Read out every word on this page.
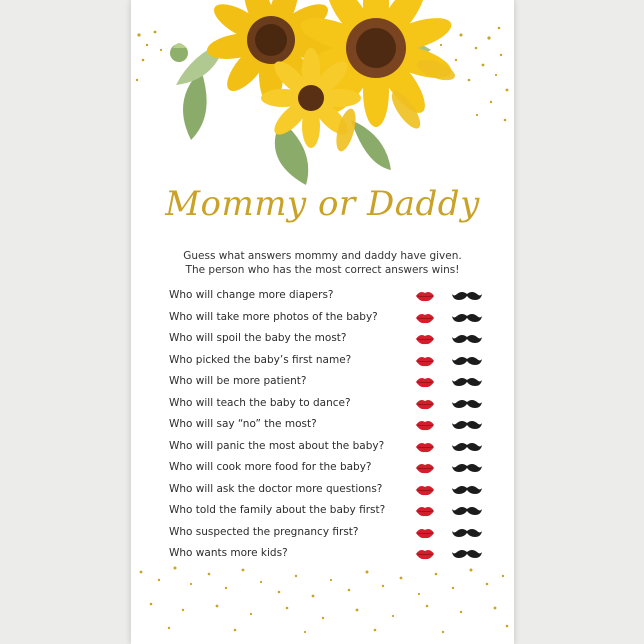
Mommy or Daddy
Guess what answers mommy and daddy have given.
The person who has the most correct answers wins!
Who will change more diapers?
Who will take more photos of the baby?
Who will spoil the baby the most?
Who picked the baby’s first name?
Who will be more patient?
Who will teach the baby to dance?
Who will say “no” the most?
Who will panic the most about the baby?
Who will cook more food for the baby?
Who will ask the doctor more questions?
Who told the family about the baby first?
Who suspected the pregnancy first?
Who wants more kids?
